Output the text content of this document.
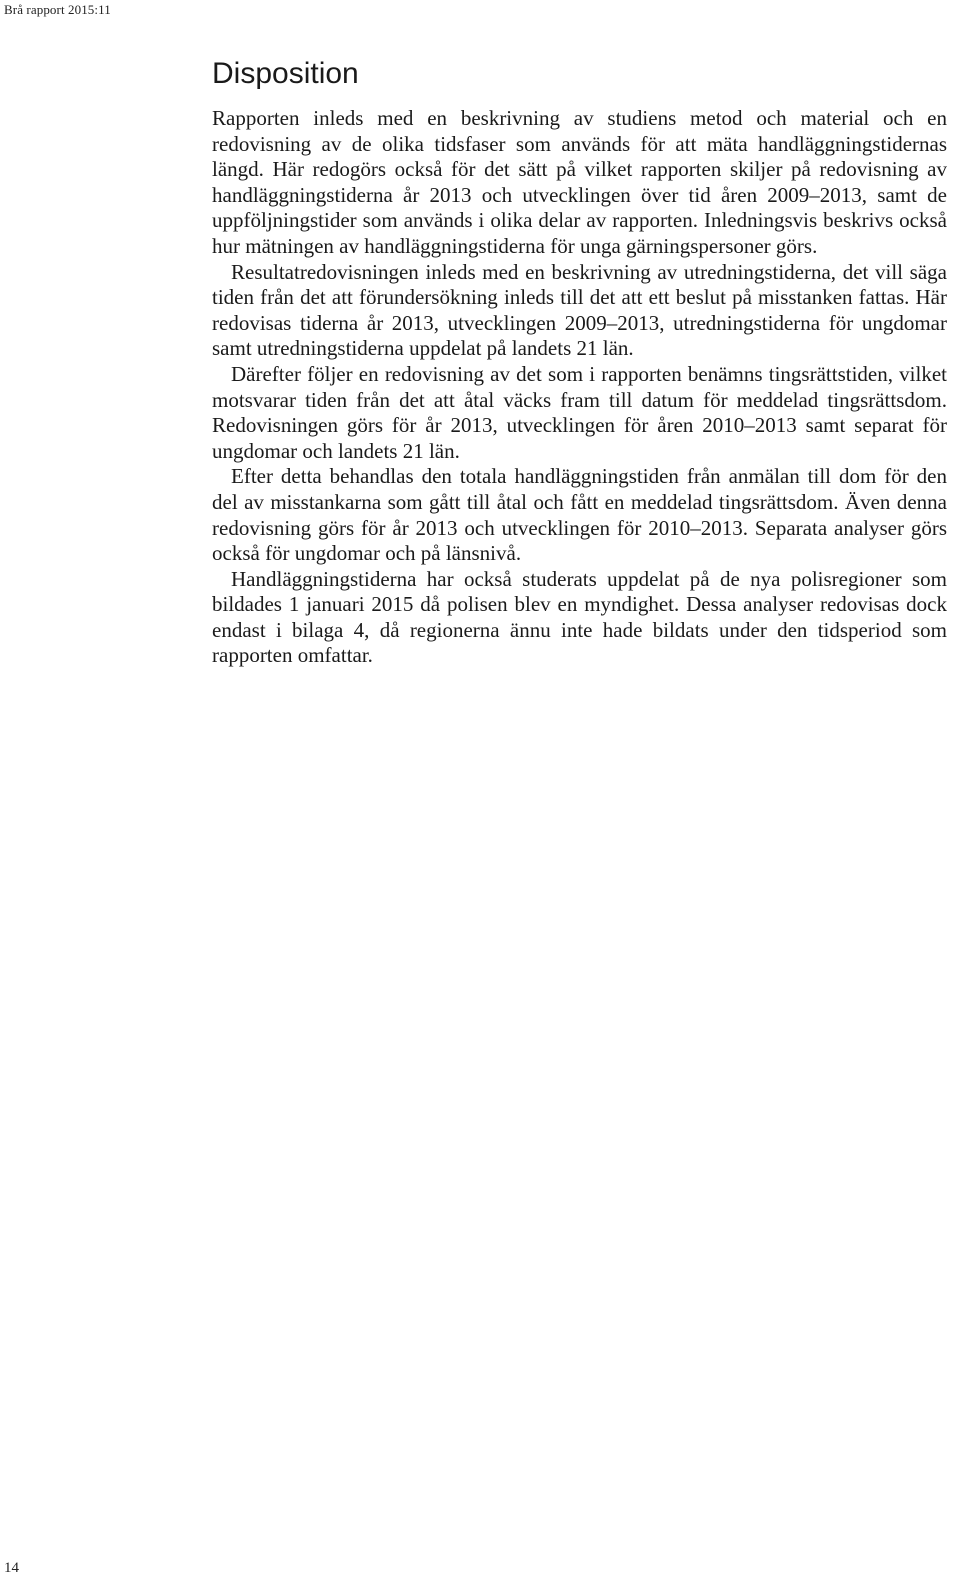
Brå rapport 2015:11
Disposition

Rapporten inleds med en beskrivning av studiens metod och material och en redovisning av de olika tidsfaser som används för att mäta handläggningstidernas längd. Här redogörs också för det sätt på vilket rapporten skiljer på redovisning av handläggningstiderna år 2013 och utvecklingen över tid åren 2009–2013, samt de uppföljningstider som används i olika delar av rapporten. Inledningsvis beskrivs också hur mätningen av handläggningstiderna för unga gärningspersoner görs.

Resultatredovisningen inleds med en beskrivning av utredningstiderna, det vill säga tiden från det att förundersökning inleds till det att ett beslut på misstanken fattas. Här redovisas tiderna år 2013, utvecklingen 2009–2013, utredningstiderna för ungdomar samt utredningstiderna uppdelat på landets 21 län.

Därefter följer en redovisning av det som i rapporten benämns tingsrättstiden, vilket motsvarar tiden från det att åtal väcks fram till datum för meddelad tingsrättsdom. Redovisningen görs för år 2013, utvecklingen för åren 2010–2013 samt separat för ungdomar och landets 21 län.

Efter detta behandlas den totala handläggningstiden från anmälan till dom för den del av misstankarna som gått till åtal och fått en meddelad tingsrättsdom. Även denna redovisning görs för år 2013 och utvecklingen för 2010–2013. Separata analyser görs också för ungdomar och på länsnivå.

Handläggningstiderna har också studerats uppdelat på de nya polisregioner som bildades 1 januari 2015 då polisen blev en myndighet. Dessa analyser redovisas dock endast i bilaga 4, då regionerna ännu inte hade bildats under den tidsperiod som rapporten omfattar.

14
